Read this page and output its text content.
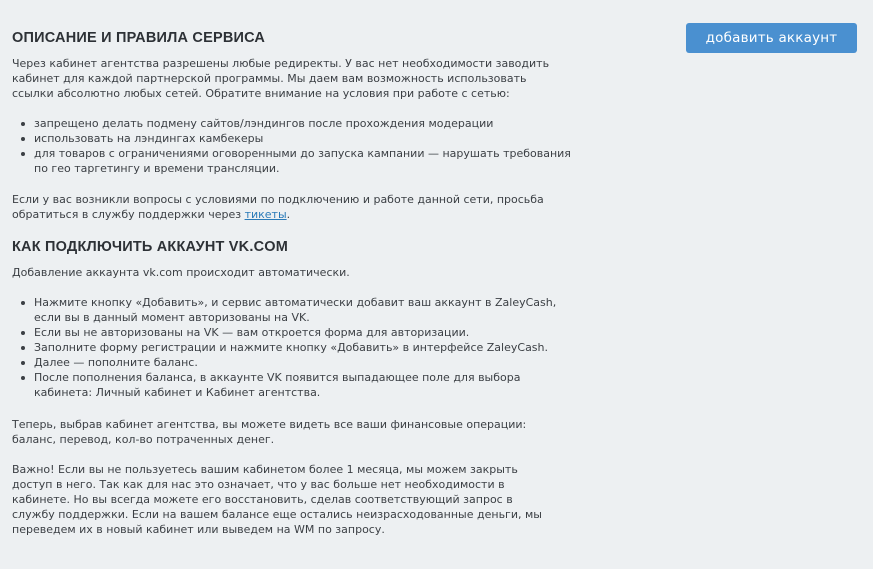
добавить аккаунт
ОПИСАНИЕ И ПРАВИЛА СЕРВИСА

Через кабинет агентства разрешены любые редиректы. У вас нет необходимости заводить кабинет для каждой партнерской программы. Мы даем вам возможность использовать ссылки абсолютно любых сетей. Обратите внимание на условия при работе с сетью:

запрещено делать подмену сайтов/лэндингов после прохождения модерации
использовать на лэндингах камбекеры
для товаров с ограничениями оговоренными до запуска кампании — нарушать требования по гео таргетингу и времени трансляции.

Если у вас возникли вопросы с условиями по подключению и работе данной сети, просьба обратиться в службу поддержки через тикеты.

КАК ПОДКЛЮЧИТЬ АККАУНТ VK.COM

Добавление аккаунта vk.com происходит автоматически.

Нажмите кнопку «Добавить», и сервис автоматически добавит ваш аккаунт в ZaleyCash, если вы в данный момент авторизованы на VK.
Если вы не авторизованы на VK — вам откроется форма для авторизации.
Заполните форму регистрации и нажмите кнопку «Добавить» в интерфейсе ZaleyCash.
Далее — пополните баланс.
После пополнения баланса, в аккаунте VK появится выпадающее поле для выбора кабинета: Личный кабинет и Кабинет агентства.

Теперь, выбрав кабинет агентства, вы можете видеть все ваши финансовые операции: баланс, перевод, кол-во потраченных денег.

Важно! Если вы не пользуетесь вашим кабинетом более 1 месяца, мы можем закрыть доступ в него. Так как для нас это означает, что у вас больше нет необходимости в кабинете. Но вы всегда можете его восстановить, сделав соответствующий запрос в службу поддержки. Если на вашем балансе еще остались неизрасходованные деньги, мы переведем их в новый кабинет или выведем на WM по запросу.
